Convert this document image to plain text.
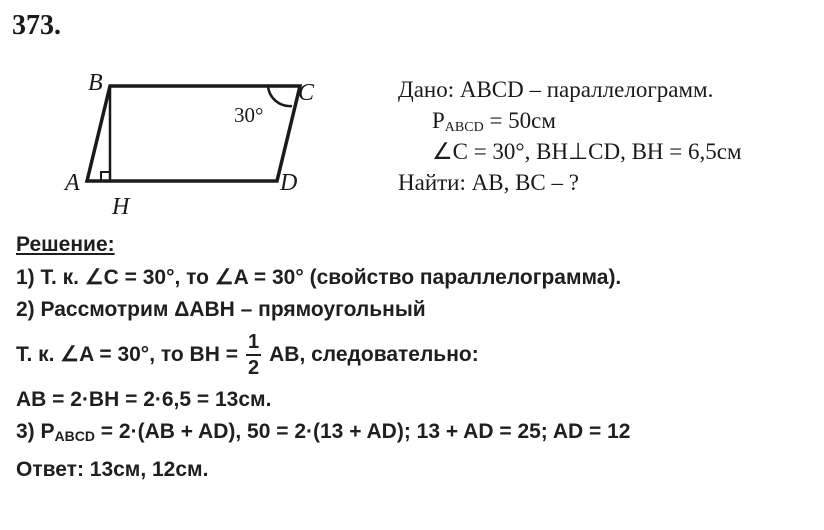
373.
B	C
A	D
H
30°
Дано: ABCD – параллелограмм.
$P_{ABCD} = 50см$
∠C = 30°, BH⊥CD, BH = 6,5см
Найти: AB, BC – ?
Решение:
1) Т. к. ∠C = 30°, то ∠A = 30° (свойство параллелограмма).
2) Рассмотрим ΔABH – прямоугольный
Т. к. ∠A = 30°, то BH = $\frac{1}{2}$ AB, следовательно:
AB = 2·BH = 2·6,5 = 13см.
3) $P_{ABCD} = 2\cdot(AB + AD)$, 50 = 2·(13 + AD); 13 + AD = 25; AD = 12
Ответ: 13см, 12см.
